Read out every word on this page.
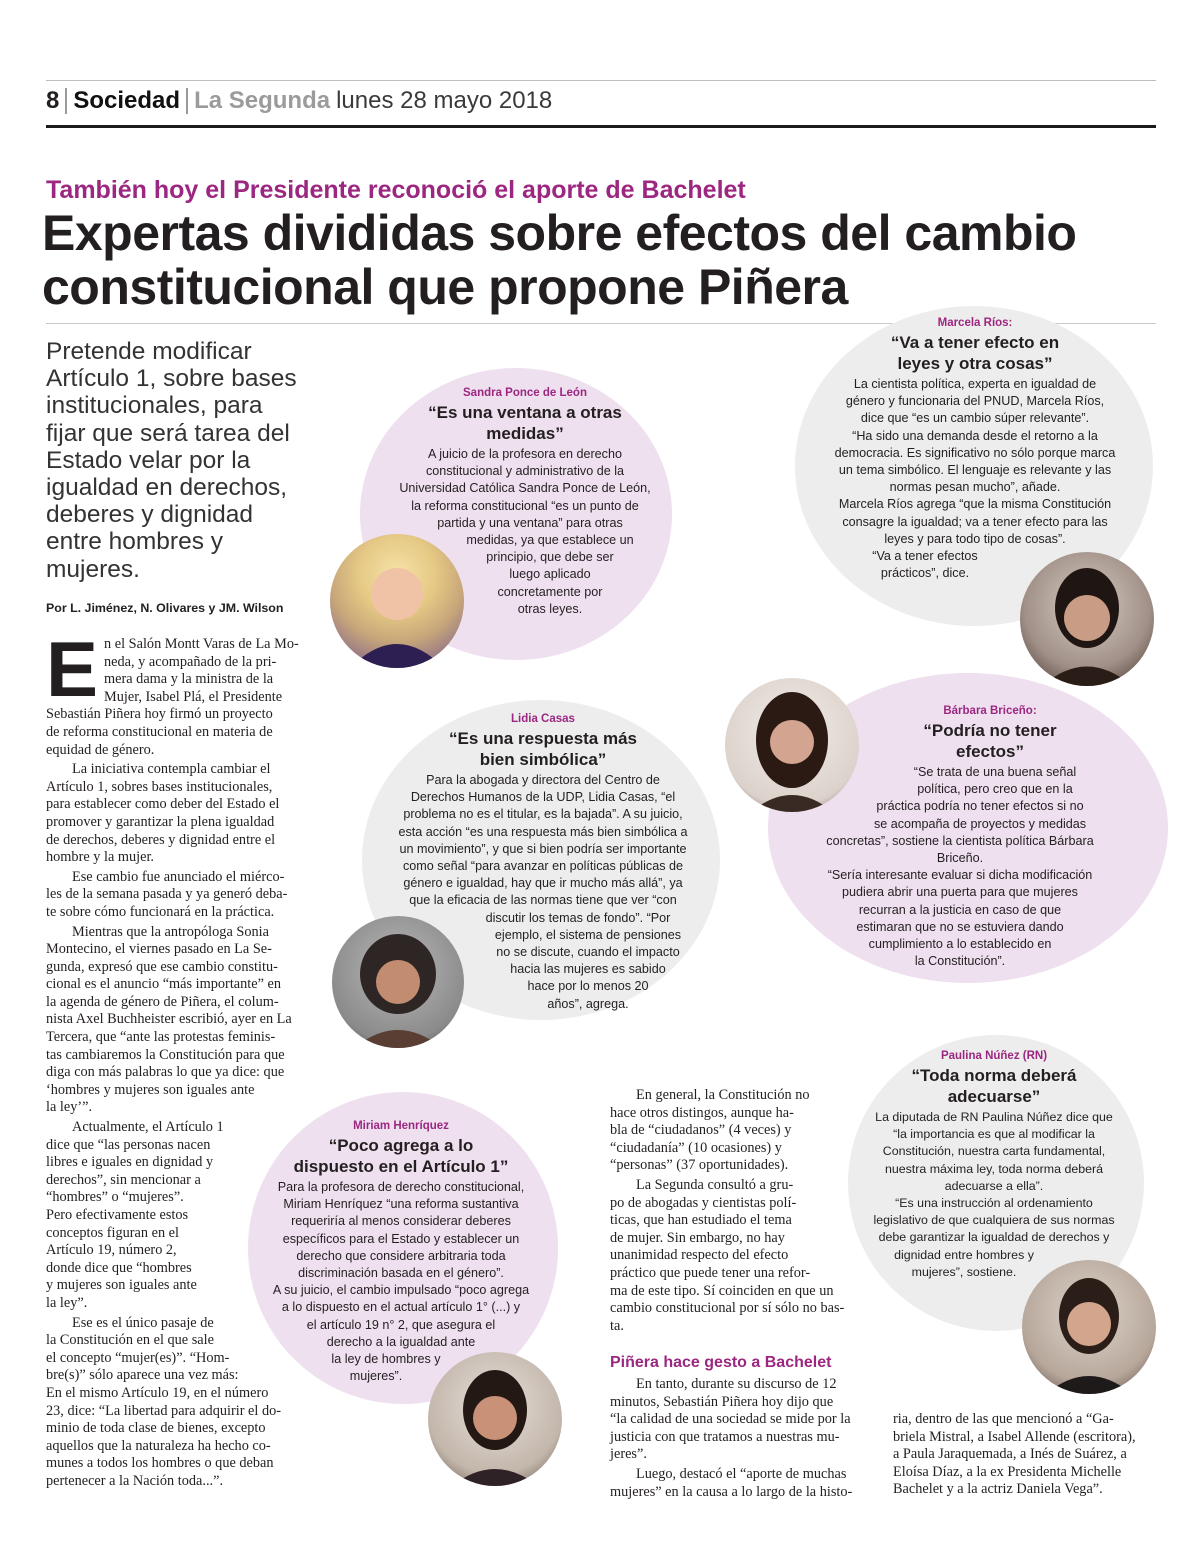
8 Sociedad La Segunda lunes 28 mayo 2018
También hoy el Presidente reconoció el aporte de Bachelet
Expertas divididas sobre efectos del cambio
constitucional que propone Piñera
Pretende modificar
Artículo 1, sobre bases
institucionales, para
fijar que será tarea del
Estado velar por la
igualdad en derechos,
deberes y dignidad
entre hombres y
mujeres.
Por L. Jiménez, N. Olivares y JM. Wilson
Sandra Ponce de León
“Es una ventana a otras
medidas”

A juicio de la profesora en derecho

constitucional y administrativo de la

Universidad Católica Sandra Ponce de León,

la reforma constitucional “es un punto de

partida y una ventana” para otras

medidas, ya que establece un

principio, que debe ser

luego aplicado

concretamente por

otras leyes.

Marcela Ríos:
“Va a tener efecto en
leyes y otra cosas”

La cientista política, experta en igualdad de

género y funcionaria del PNUD, Marcela Ríos,

dice que “es un cambio súper relevante”.

“Ha sido una demanda desde el retorno a la

democracia. Es significativo no sólo porque marca

un tema simbólico. El lenguaje es relevante y las

normas pesan mucho”, añade.

Marcela Ríos agrega “que la misma Constitución

consagre la igualdad; va a tener efecto para las

leyes y para todo tipo de cosas”.

“Va a tener efectos

prácticos”, dice.

Lidia Casas
“Es una respuesta más
bien simbólica”

Para la abogada y directora del Centro de

Derechos Humanos de la UDP, Lidia Casas, “el

problema no es el titular, es la bajada”. A su juicio,

esta acción “es una respuesta más bien simbólica a

un movimiento”, y que si bien podría ser importante

como señal “para avanzar en políticas públicas de

género e igualdad, hay que ir mucho más allá”, ya

que la eficacia de las normas tiene que ver “con

discutir los temas de fondo”. “Por

ejemplo, el sistema de pensiones

no se discute, cuando el impacto

hacia las mujeres es sabido

hace por lo menos 20

años”, agrega.

Bárbara Briceño:
“Podría no tener
efectos”

“Se trata de una buena señal

política, pero creo que en la

práctica podría no tener efectos si no

se acompaña de proyectos y medidas

concretas”, sostiene la cientista política Bárbara

Briceño.

“Sería interesante evaluar si dicha modificación

pudiera abrir una puerta para que mujeres

recurran a la justicia en caso de que

estimaran que no se estuviera dando

cumplimiento a lo establecido en

la Constitución”.

Miriam Henríquez
“Poco agrega a lo
dispuesto en el Artículo 1”

Para la profesora de derecho constitucional,

Miriam Henríquez “una reforma sustantiva

requeriría al menos considerar deberes

específicos para el Estado y establecer un

derecho que considere arbitraria toda

discriminación basada en el género”.

A su juicio, el cambio impulsado “poco agrega

a lo dispuesto en el actual artículo 1° (...) y

el artículo 19 n° 2, que asegura el

derecho a la igualdad ante

la ley de hombres y

mujeres”.

Paulina Núñez (RN)
“Toda norma deberá
adecuarse”

La diputada de RN Paulina Núñez dice que

“la importancia es que al modificar la

Constitución, nuestra carta fundamental,

nuestra máxima ley, toda norma deberá

adecuarse a ella”.

“Es una instrucción al ordenamiento

legislativo de que cualquiera de sus normas

debe garantizar la igualdad de derechos y

dignidad entre hombres y

mujeres”, sostiene.

E n el Salón Montt Varas de La Mo-
neda, y acompañado de la pri-
mera dama y la ministra de la
Mujer, Isabel Plá, el Presidente
Sebastián Piñera hoy firmó un proyecto
de reforma constitucional en materia de
equidad de género.
La iniciativa contempla cambiar el
Artículo 1, sobres bases institucionales,
para establecer como deber del Estado el
promover y garantizar la plena igualdad
de derechos, deberes y dignidad entre el
hombre y la mujer.
Ese cambio fue anunciado el miérco-
les de la semana pasada y ya generó deba-
te sobre cómo funcionará en la práctica.
Mientras que la antropóloga Sonia
Montecino, el viernes pasado en La Se-
gunda, expresó que ese cambio constitu-
cional es el anuncio “más importante” en
la agenda de género de Piñera, el colum-
nista Axel Buchheister escribió, ayer en La
Tercera, que “ante las protestas feminis-
tas cambiaremos la Constitución para que
diga con más palabras lo que ya dice: que
‘hombres y mujeres son iguales ante
la ley’”.
Actualmente, el Artículo 1
dice que “las personas nacen
libres e iguales en dignidad y
derechos”, sin mencionar a
“hombres” o “mujeres”.
Pero efectivamente estos
conceptos figuran en el
Artículo 19, número 2,
donde dice que “hombres
y mujeres son iguales ante
la ley”.
Ese es el único pasaje de
la Constitución en el que sale
el concepto “mujer(es)”. “Hom-
bre(s)” sólo aparece una vez más:
En el mismo Artículo 19, en el número
23, dice: “La libertad para adquirir el do-
minio de toda clase de bienes, excepto
aquellos que la naturaleza ha hecho co-
munes a todos los hombres o que deban
pertenecer a la Nación toda...”.
En general, la Constitución no
hace otros distingos, aunque ha-
bla de “ciudadanos” (4 veces) y
“ciudadanía” (10 ocasiones) y
“personas” (37 oportunidades).
La Segunda consultó a gru-
po de abogadas y cientistas polí-
ticas, que han estudiado el tema
de mujer. Sin embargo, no hay
unanimidad respecto del efecto
práctico que puede tener una refor-
ma de este tipo. Sí coinciden en que un
cambio constitucional por sí sólo no bas-
ta.
Piñera hace gesto a Bachelet
En tanto, durante su discurso de 12
minutos, Sebastián Piñera hoy dijo que
“la calidad de una sociedad se mide por la
justicia con que tratamos a nuestras mu-
jeres”.
Luego, destacó el “aporte de muchas
mujeres” en la causa a lo largo de la histo-
ria, dentro de las que mencionó a “Ga-
briela Mistral, a Isabel Allende (escritora),
a Paula Jaraquemada, a Inés de Suárez, a
Eloísa Díaz, a la ex Presidenta Michelle
Bachelet y a la actriz Daniela Vega”.
